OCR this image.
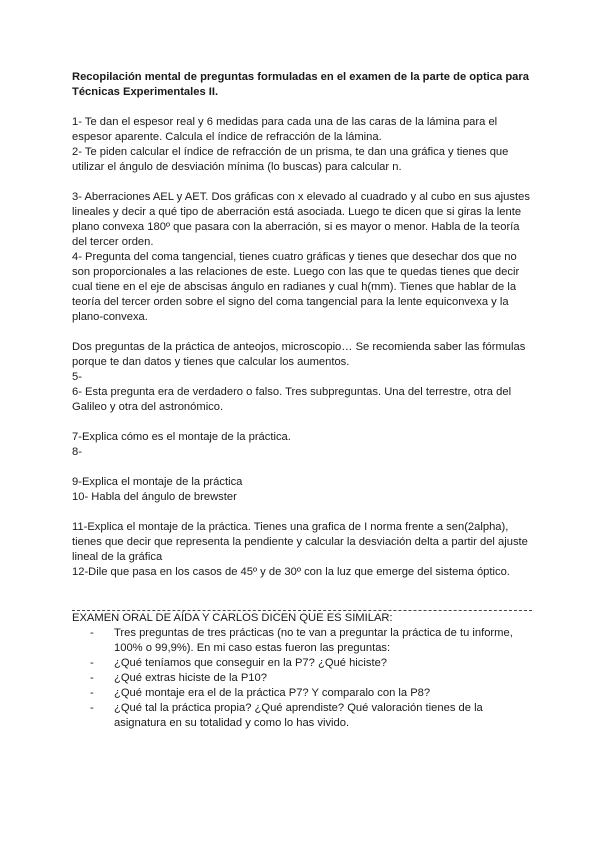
Recopilación mental de preguntas formuladas en el examen de la parte de optica para Técnicas Experimentales II.

1- Te dan el espesor real y 6 medidas para cada una de las caras de la lámina para el espesor aparente. Calcula el índice de refracción de la lámina.

2- Te piden calcular el índice de refracción de un prisma, te dan una gráfica y tienes que utilizar el ángulo de desviación mínima (lo buscas) para calcular n.

3- Aberraciones AEL y AET. Dos gráficas con x elevado al cuadrado y al cubo en sus ajustes lineales y decir a qué tipo de aberración está asociada. Luego te dicen que si giras la lente plano convexa 180º que pasara con la aberración, si es mayor o menor. Habla de la teoría del tercer orden.

4- Pregunta del coma tangencial, tienes cuatro gráficas y tienes que desechar dos que no son proporcionales a las relaciones de este. Luego con las que te quedas tienes que decir cual tiene en el eje de abscisas ángulo en radianes y cual h(mm). Tienes que hablar de la teoría del tercer orden sobre el signo del coma tangencial para la lente equiconvexa y la plano-convexa.

Dos preguntas de la práctica de anteojos, microscopio… Se recomienda saber las fórmulas porque te dan datos y tienes que calcular los aumentos.

5-

6- Esta pregunta era de verdadero o falso. Tres subpreguntas. Una del terrestre, otra del Galileo y otra del astronómico.

7-Explica cómo es el montaje de la práctica.

8-

9-Explica el montaje de la práctica

10- Habla del ángulo de brewster

11-Explica el montaje de la práctica. Tienes una grafica de I norma frente a sen(2alpha), tienes que decir que representa la pendiente y calcular la desviación delta a partir del ajuste lineal de la gráfica

12-Dile que pasa en los casos de 45º y de 30º con la luz que emerge del sistema óptico.

EXAMEN ORAL DE AÍDA Y CARLOS DICEN QUE ES SIMILAR:

- Tres preguntas de tres prácticas (no te van a preguntar la práctica de tu informe, 100% o 99,9%). En mi caso estas fueron las preguntas:
- ¿Qué teníamos que conseguir en la P7? ¿Qué hiciste?
- ¿Qué extras hiciste de la P10?
- ¿Qué montaje era el de la práctica P7? Y comparalo con la P8?
- ¿Qué tal la práctica propia? ¿Qué aprendiste? Qué valoración tienes de la asignatura en su totalidad y como lo has vivido.
